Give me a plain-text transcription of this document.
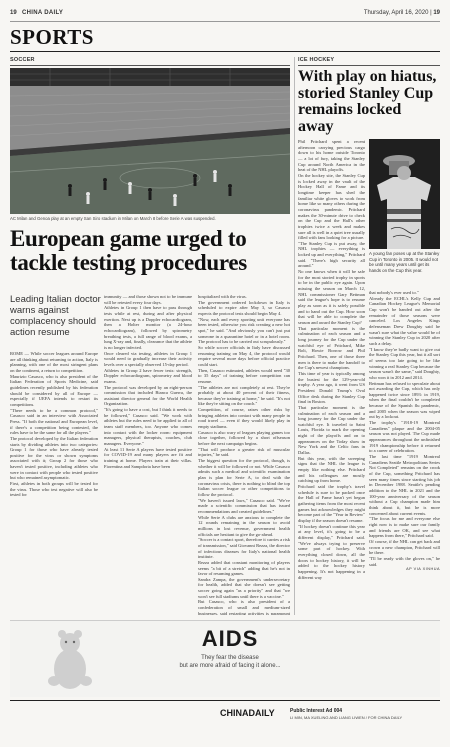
19 CHINA DAILY	Thursday, April 16, 2020 | 19
SPORTS
SOCCER	ICE HOCKEY
AC Milan and Genoa play at an empty San Siro stadium in Milan on March 8 before Serie A was suspended.
European game urged to tackle testing procedures
Leading Italian doctor warns against complacency should action resume

ROME — While soccer leagues around Europe are all thinking about returning to action, Italy is planning, with one of the most stringent plans on the continent, a return to competition.

Maurizio Casasco, who is also president of the Italian Federation of Sports Medicine, said guidelines recently published by his federation should be considered by all of Europe — especially if UEFA intends to restart its competitions.

"There needs to be a common protocol," Casasco said in an interview with Associated Press. "If both the national and European level, if there's a competition being contested, the rules have to be the same for all the players."

The protocol developed by the Italian federation starts by dividing athletes into two categories: Group 1 for those who have already tested positive for the virus or shown symptoms associated with it; Group 2 for those who haven't tested positive, including athletes who were in contact with people who tested positive but who remained asymptomatic.

First, athletes in both groups will be tested for the virus. Those who test negative will also be tested for

immunity — and those shown not to be immune will be retested every four days.

Athletes in Group 1 then have to pass through tests while at rest, during and after physical exertion. Next up is a Doppler echocardiogram, then a Holter monitor (a 24-hour echocardiogram), followed by spirometry breathing tests, a full range of blood exams, a lung X-ray and, finally, clearance that the athlete is no longer infected.

Once cleared via testing, athletes in Group 1 would need to gradually increase their activity levels over a specially observed 15-day period.

Athletes in Group 2 have fewer tests: strength, Doppler echocardiogram, spirometry and blood exams.

The protocol was developed by an eight-person commission that included Bianca Guerra, the assistant director general for the World Health Organization.

"It's going to have a cost, but I think it needs to be followed," Casasco said. "We work with athletes but the rules need to be applied to all of team staff members, too. Anyone who comes into contact with the locker room: equipment managers, physical therapists, coaches, club managers. Everyone."

At least 11 Serie A players have tested positive for COVID-19 and many players are fit and training at home. Players train at their villas. Fiorentina and Sampdoria have been

hospitalized with the virus.

The government ordered lockdown in Italy is scheduled to expire after May 3, so Casasco expects the protocol tests should begin May 4.

"Now, each and every sporting unit everyone has been tested, otherwise you risk creating a new hot spot," he said. "And obviously you can't just put someone in a quarantine hotel or in a hotel room. The protocol has to be carried out scrupulously."

So while soccer officials in Italy have discussed resuming training on May 4, the protocol would require several more days before official practice could start.

Then, Casasco estimated, athletes would need "30 to 35 days" of training before competition can resume.

"The athletes are not completely at rest. They're probably at about 40 percent of their fitness, because they're training at home," he said. "It's not like they're sitting on the couch."

Competition, of course, raises other risks by bringing athletes into contact with many people in road travel — even if they would likely play in empty stadiums.

Casasco is also wary of leagues playing games too close together, followed by a short offseason before the next campaign begins.

"That will produce a greater risk of muscular injuries," he said.

The biggest question for the protocol, though, is whether it will be followed or not. While Casasco admits such a medical and scientific examination plan is plan for Serie A, to deal with the coronavirus crisis, there is nothing to blind the top Italian soccer league or other competitions to follow the protocol.

"We haven't issued laws," Casasco said. "We've made a scientific commission that has issued recommendations and created guidelines."

While Serie A clubs are anxious to complete the 12 rounds remaining in the season to avoid millions in lost revenue, government health officials are hesitant to give the go-ahead.

"Soccer is a contact sport, therefore it carries a risk of transmission," said Giovanni Rezza, the director of infectious diseases for Italy's national health institute.

Rezza added that constant monitoring of players seems "a bit of a stretch" adding that he's not in favor of resuming games.

Sandra Zampa, the government's undersecretary for health, added that she doesn't see getting soccer going again "as a priority" and that "we won't see full stadiums until there is a vaccine."

But Casasco, who is also president of a confederation of small and medium-sized businesses, said restarting activities is paramount

With play on hiatus, storied Stanley Cup remains locked away
A young fan poses up at the Stanley Cup in Toronto in 2005. It would not be until many years until get its hands on the Cup this year.

Phil Pritchard spent a recent afternoon carrying precious cargo down to his home outside Toronto — a lot of fury, taking the Stanley Cup around North America in the heat of the NHL playoffs.

On the hockey site, the Stanley Cup is locked away in the vault of the Hockey Hall of Fame and its longtime keeper has shed the familiar white gloves to work from home like so many others during the coronavirus pandemic. Pritchard makes the 30-minute drive to check on the Cup and the Hall's other trophies twice a week and makes sure all is well in a quiet tree usually filled with fans looking for a picture.

"The Stanley Cup is put away, the NHL trophies — everything is locked up and everything," Pritchard said. "There's high security all around."

No one knows when it will be safe for the most storied trophy in sports to be in the public eye again. Upon missing the season on March 12, NHL commissioner Gary Bettman said the league's hope is to resume play as soon as it is safely possible and to hand out the Cup. How soon that will be able to complete the season and award the Stanley Cup?

That particular moment is the culmination of each season and a long journey for the Cup under the watchful eye of Pritchard, Mike Bolt, Howie Borrow and Phil Pritchard. Then, one of those three men is there to make the handoff to the Cup's newest champions.

This time of year is typically among the busiest for the 129-year-old trophy. A year ago, it went from US President Donald Trump's Oval Office desk during the Stanley Cup final in Boston.

That particular moment is the culmination of each season and a long journey for the Cup under the watchful eye. It traveled to Saint Louis, Florida to mark the opening night of the playoffs and on to appearances on the Today show in New York and the Celtic fans in Dallas.

But this year, with the sweeping signs that the NHL the league is empty like nothing else. Pritchard and his colleagues are mostly catching up from home.

Pritchard said the trophy's travel schedule is sure to be packed once the Hall of Fame hasn't yet begun gathering items from the most recent games but acknowledges they might become part of the "Year in Review" display if the season doesn't resume.

"If hockey doesn't continue this year at any level, it's going to be a different display," Pritchard said. "We've always trying to preserve some part of hockey. With everything closed down, all the doors to hockey history, it will be added to the hockey history happening. It's not happening in a different way

that nobody's ever used to."

Already the ECHL's Kelly Cup and Canadian Hockey League's Memorial Cup won't be handed out after the remainder of those seasons were canceled. Los Angeles Kings defenseman Drew Doughty said he wasn't sure what the value would be of winning the Stanley Cup in 2020 after such a delay.

"I know they're badly want to give out the Stanley Cup this year, but it all sort of seems too late going to be like winning a real Stanley Cup because the season wasn't the same," said Doughty, who won it in 2012 and 2014.

Bettman has refused to speculate about not awarding the Cup, which has only happened twice since 1893: in 1919, when the final couldn't be completed because of the Spanish flu pandemic, and 2005 when the season was wiped out by a lockout.

The trophy's "1918-19 Montreal Canadiens" plaque and the 2004-05 season was not played. The Cup made appearances throughout the unfinished 1919 championship before it returned to a career of celebration.

The last time "1919 Montreal Canadiens Seattle Metropolitans Series Not Completed" remains on the crook of the Cup, something Pritchard has seen many times since starting his job in December 1988. Seattle's pending addition to the NHL in 2021 and the 100-year anniversary of the season without a Cup champion made him think about it, but he is more concerned about current events.

"The focus for me and everyone else right now is to make sure our family and friends are OK, and see what happens from there," Pritchard said.

Of course, if the NHL can get back and crown a new champion, Pritchard will be there.

"I'll be ready with the gloves on," he said.

AP VIA XINHUA

AIDS
They fear the disease
but are more afraid of facing it alone...
CHINADAILY	Public Interest Ad 004
LI MIN, MA XUELING AND LIANG LIWEN / FOR CHINA DAILY
